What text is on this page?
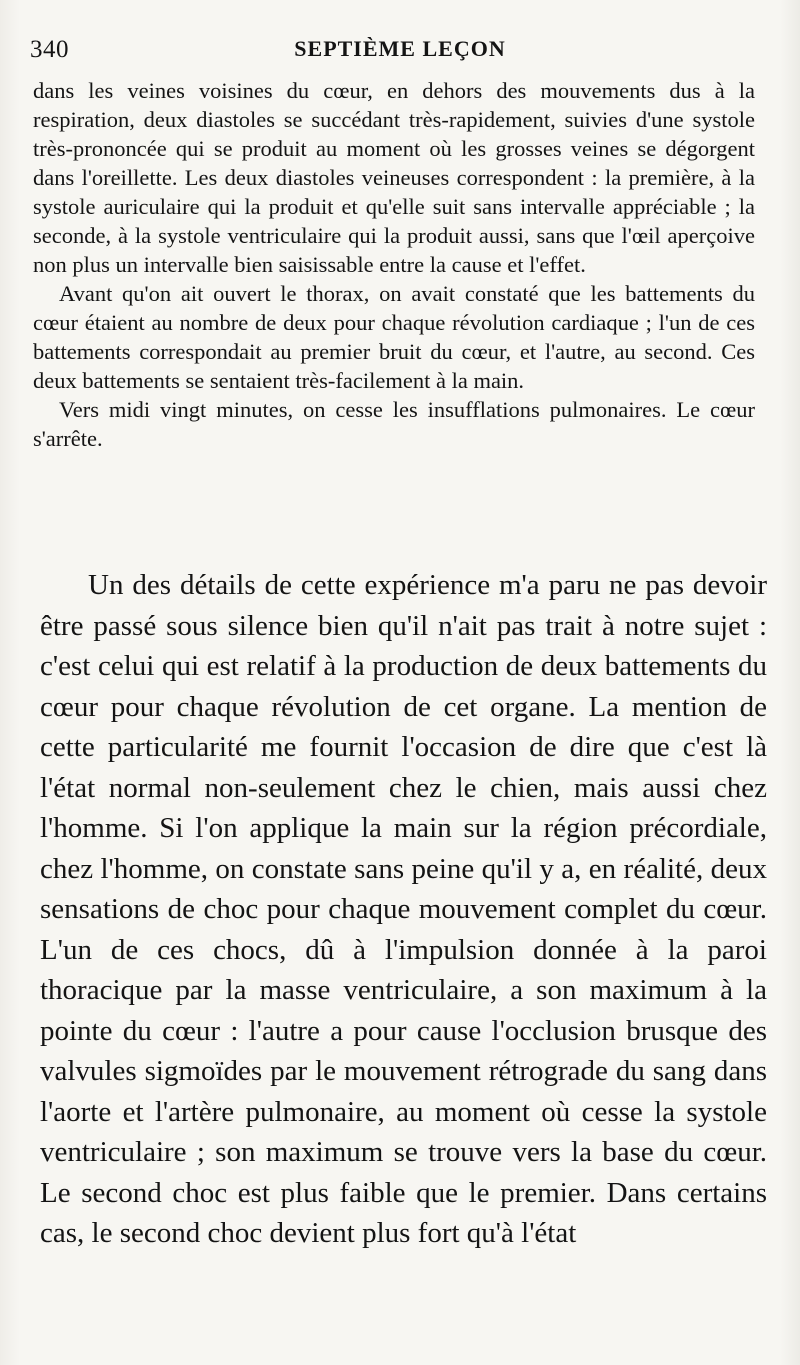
340	SEPTIÈME LEÇON

dans les veines voisines du cœur, en dehors des mouvements dus à la respiration, deux diastoles se succédant très-rapidement, suivies d'une systole très-prononcée qui se produit au moment où les grosses veines se dégorgent dans l'oreillette. Les deux diastoles veineuses correspondent : la première, à la systole auriculaire qui la produit et qu'elle suit sans intervalle appréciable ; la seconde, à la systole ventriculaire qui la produit aussi, sans que l'œil aperçoive non plus un intervalle bien saisissable entre la cause et l'effet.

Avant qu'on ait ouvert le thorax, on avait constaté que les battements du cœur étaient au nombre de deux pour chaque révolution cardiaque ; l'un de ces battements correspondait au premier bruit du cœur, et l'autre, au second. Ces deux battements se sentaient très-facilement à la main.

Vers midi vingt minutes, on cesse les insufflations pulmonaires. Le cœur s'arrête.

Un des détails de cette expérience m'a paru ne pas devoir être passé sous silence bien qu'il n'ait pas trait à notre sujet : c'est celui qui est relatif à la production de deux battements du cœur pour chaque révolution de cet organe. La mention de cette particularité me fournit l'occasion de dire que c'est là l'état normal non-seulement chez le chien, mais aussi chez l'homme. Si l'on applique la main sur la région précordiale, chez l'homme, on constate sans peine qu'il y a, en réalité, deux sensations de choc pour chaque mouvement complet du cœur. L'un de ces chocs, dû à l'impulsion donnée à la paroi thoracique par la masse ventriculaire, a son maximum à la pointe du cœur : l'autre a pour cause l'occlusion brusque des valvules sigmoïdes par le mouvement rétrograde du sang dans l'aorte et l'artère pulmonaire, au moment où cesse la systole ventriculaire ; son maximum se trouve vers la base du cœur. Le second choc est plus faible que le premier. Dans certains cas, le second choc devient plus fort qu'à l'état
